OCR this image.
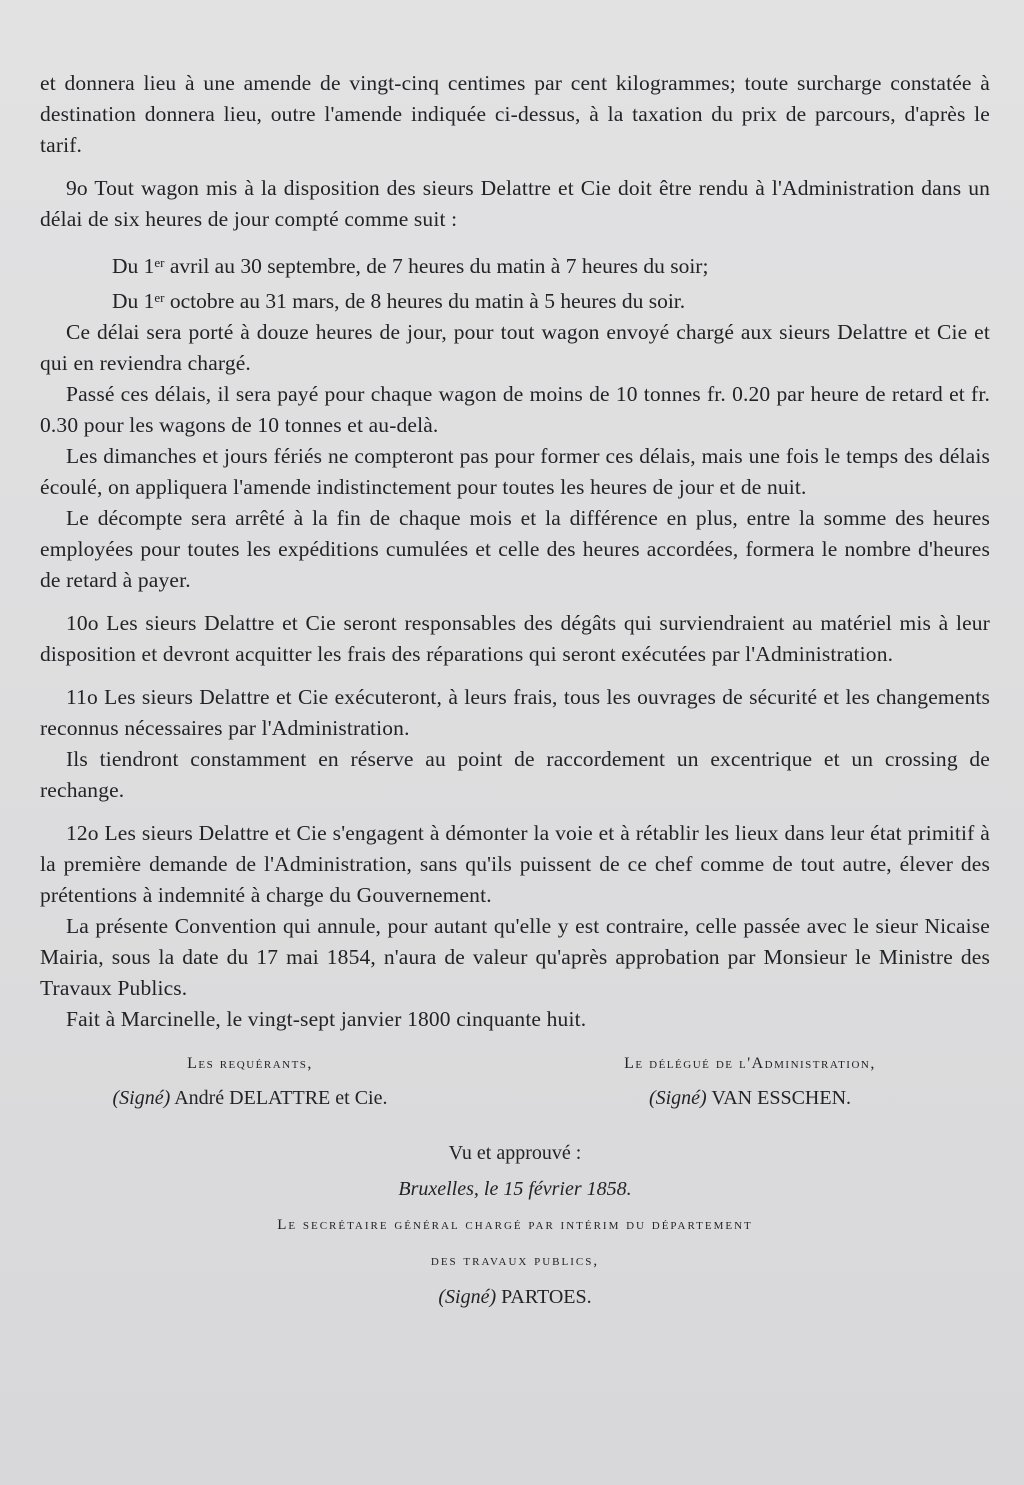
et donnera lieu à une amende de vingt-cinq centimes par cent kilogrammes; toute surcharge constatée à destination donnera lieu, outre l'amende indiquée ci-dessus, à la taxation du prix de parcours, d'après le tarif.

9o Tout wagon mis à la disposition des sieurs Delattre et Cie doit être rendu à l'Administration dans un délai de six heures de jour compté comme suit :

Du 1er avril au 30 septembre, de 7 heures du matin à 7 heures du soir;

Du 1er octobre au 31 mars, de 8 heures du matin à 5 heures du soir.

Ce délai sera porté à douze heures de jour, pour tout wagon envoyé chargé aux sieurs Delattre et Cie et qui en reviendra chargé.

Passé ces délais, il sera payé pour chaque wagon de moins de 10 tonnes fr. 0.20 par heure de retard et fr. 0.30 pour les wagons de 10 tonnes et au-delà.

Les dimanches et jours fériés ne compteront pas pour former ces délais, mais une fois le temps des délais écoulé, on appliquera l'amende indistinctement pour toutes les heures de jour et de nuit.

Le décompte sera arrêté à la fin de chaque mois et la différence en plus, entre la somme des heures employées pour toutes les expéditions cumulées et celle des heures accordées, formera le nombre d'heures de retard à payer.

10o Les sieurs Delattre et Cie seront responsables des dégâts qui surviendraient au matériel mis à leur disposition et devront acquitter les frais des réparations qui seront exécutées par l'Administration.

11o Les sieurs Delattre et Cie exécuteront, à leurs frais, tous les ouvrages de sécurité et les changements reconnus nécessaires par l'Administration.

Ils tiendront constamment en réserve au point de raccordement un excentrique et un crossing de rechange.

12o Les sieurs Delattre et Cie s'engagent à démonter la voie et à rétablir les lieux dans leur état primitif à la première demande de l'Administration, sans qu'ils puissent de ce chef comme de tout autre, élever des prétentions à indemnité à charge du Gouvernement.

La présente Convention qui annule, pour autant qu'elle y est contraire, celle passée avec le sieur Nicaise Mairia, sous la date du 17 mai 1854, n'aura de valeur qu'après approbation par Monsieur le Ministre des Travaux Publics.

Fait à Marcinelle, le vingt-sept janvier 1800 cinquante huit.

Les requérants,
(Signé) André DELATTRE et Cie.
Le délégué de l'Administration,
(Signé) VAN ESSCHEN.
Vu et approuvé :
Bruxelles, le 15 février 1858.
Le secrétaire général chargé par intérim du département
des travaux publics,
(Signé) PARTOES.
